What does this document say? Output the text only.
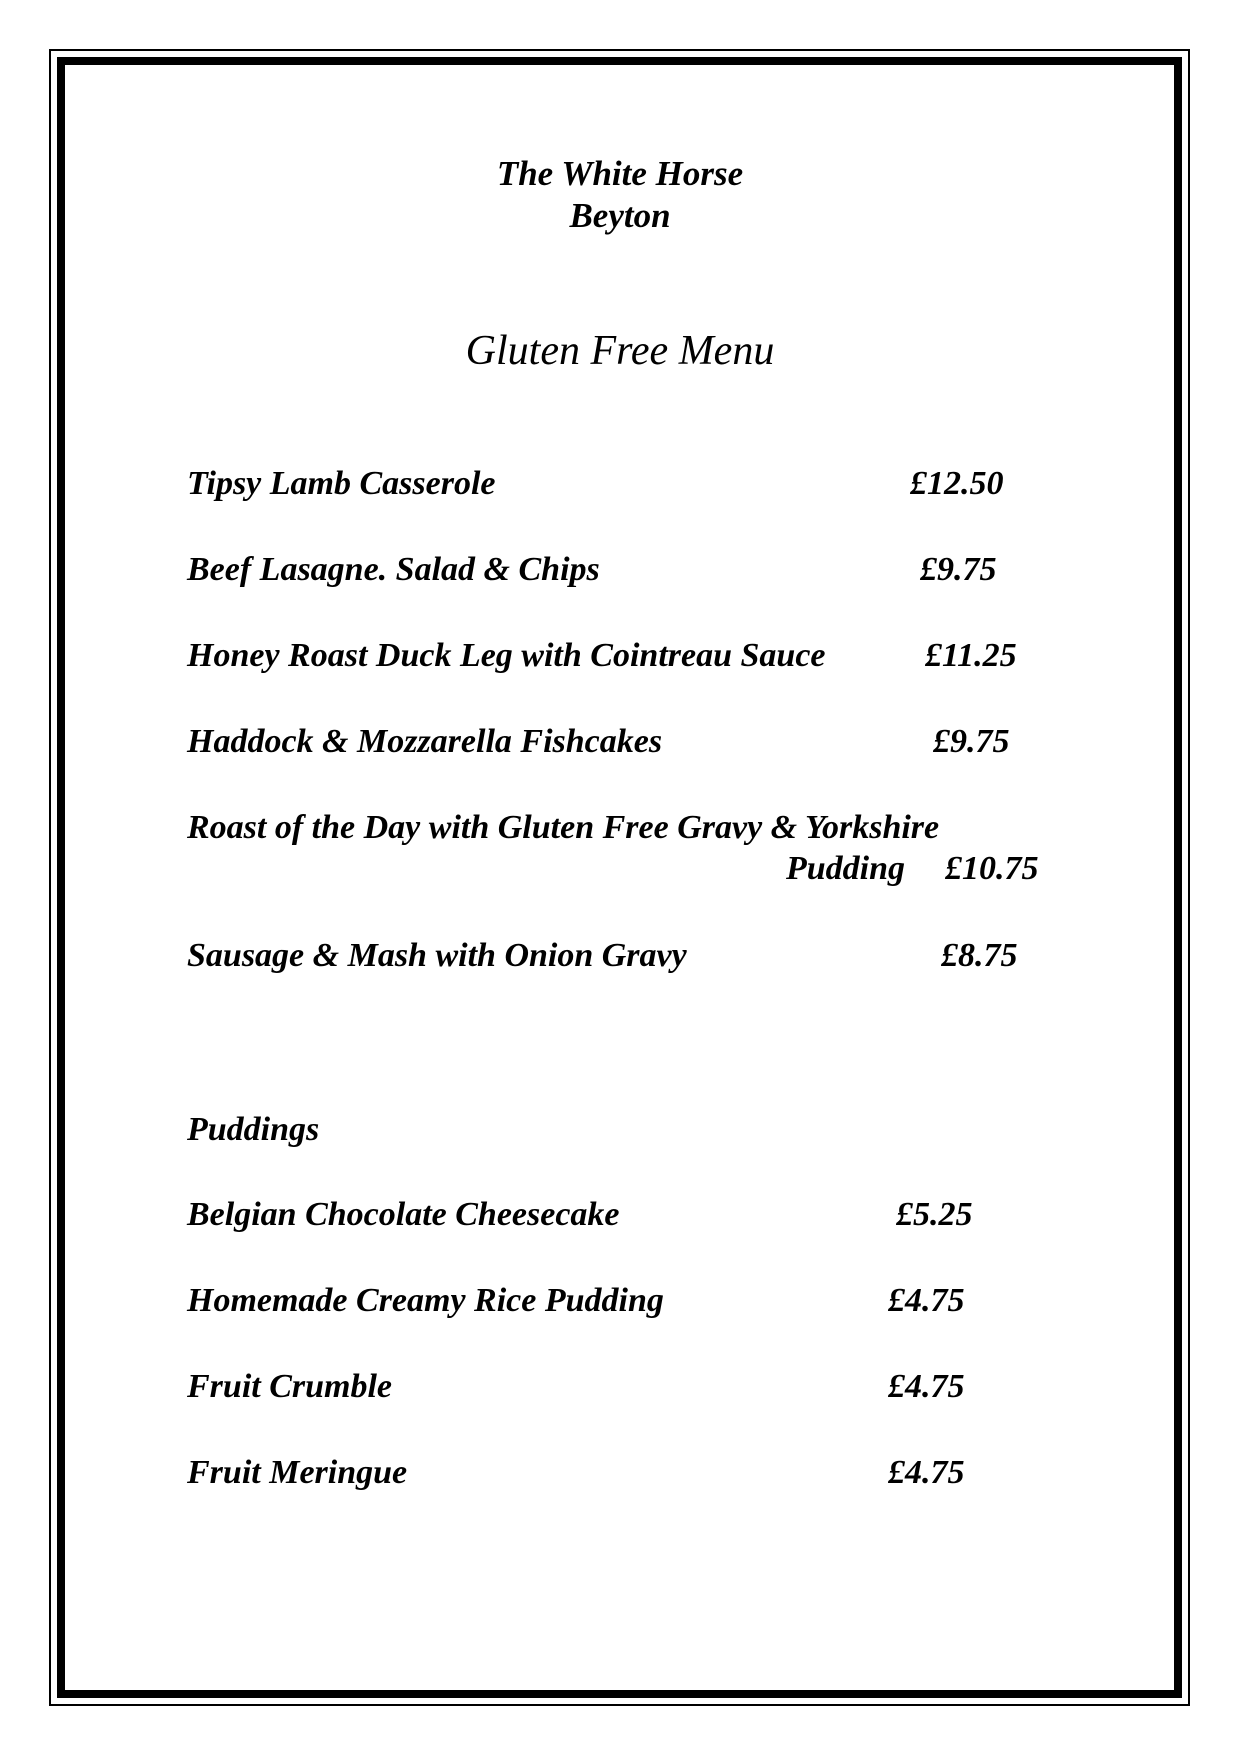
The White Horse
Beyton
Gluten Free Menu
Tipsy Lamb Casserole	£12.50
Beef Lasagne. Salad & Chips	£9.75
Honey Roast Duck Leg with Cointreau Sauce	£11.25
Haddock & Mozzarella Fishcakes	£9.75
Roast of the Day with Gluten Free Gravy & Yorkshire
Pudding £10.75
Sausage & Mash with Onion Gravy	£8.75
Puddings
Belgian Chocolate Cheesecake	£5.25
Homemade Creamy Rice Pudding	£4.75
Fruit Crumble	£4.75
Fruit Meringue	£4.75
